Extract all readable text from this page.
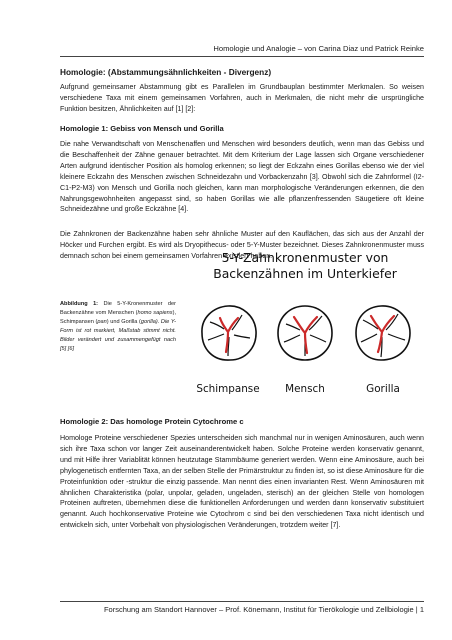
Homologie und Analogie – von Carina Diaz und Patrick Reinke
Homologie: (Abstammungsähnlichkeiten - Divergenz)

Aufgrund gemeinsamer Abstammung gibt es Parallelen im Grundbauplan bestimmter Merkmalen. So weisen verschiedene Taxa mit einem gemeinsamen Vorfahren, auch in Merkmalen, die nicht mehr die ursprüngliche Funktion besitzen, Ähnlichkeiten auf [1] [2]:

Homologie 1: Gebiss von Mensch und Gorilla

Die nahe Verwandtschaft von Menschenaffen und Menschen wird besonders deutlich, wenn man das Gebiss und die Beschaffenheit der Zähne genauer betrachtet. Mit dem Kriterium der Lage lassen sich Organe verschiedener Arten aufgrund identischer Position als homolog erkennen; so liegt der Eckzahn eines Gorillas ebenso wie der viel kleinere Eckzahn des Menschen zwischen Schneidezahn und Vorbackenzahn [3]. Obwohl sich die Zahnformel (I2-C1-P2-M3) von Mensch und Gorilla noch gleichen, kann man morphologische Veränderungen erkennen, die den Nahrungsgewohnheiten angepasst sind, so haben Gorillas wie alle pflanzenfressenden Säugetiere oft kleine Schneidezähne und große Eckzähne [4].

Die Zahnkronen der Backenzähne haben sehr ähnliche Muster auf den Kauflächen, das sich aus der Anzahl der Höcker und Furchen ergibt. Es wird als Dryopithecus- oder 5-Y-Muster bezeichnet. Dieses Zahnkronenmuster muss demnach schon bei einem gemeinsamen Vorfahren existiert haben.

Abbildung 1: Die 5-Y-Kronenmuster der Backenzähne vom Menschen (homo sapiens), Schimpansen (pan) und Gorilla (gorilla). Die Y-Form ist rot markiert, Maßstab stimmt nicht. Bilder verändert und zusammengefügt nach [5] [6]
5-Y-Zahnkronenmuster von
Backenzähnen im Unterkiefer
Schimpanse	Mensch	Gorilla
Homologie 2: Das homologe Protein Cytochrome c

Homologe Proteine verschiedener Spezies unterscheiden sich manchmal nur in wenigen Aminosäuren, auch wenn sich ihre Taxa schon vor langer Zeit auseinanderentwickelt haben. Solche Proteine werden konservativ genannt, und mit Hilfe ihrer Variablität können heutzutage Stammbäume generiert werden. Wenn eine Aminosäure, auch bei phylogenetisch entfernten Taxa, an der selben Stelle der Primärstruktur zu finden ist, so ist diese Aminosäure für die Proteinfunktion oder -struktur die einzig passende. Man nennt dies einen invarianten Rest. Wenn Aminosäuren mit ähnlichen Charakteristika (polar, unpolar, geladen, ungeladen, sterisch) an der gleichen Stelle von homologen Proteinen auftreten, übernehmen diese die funktionellen Anforderungen und werden dann konservativ substituiert genannt. Auch hochkonservative Proteine wie Cytochrom c sind bei den verschiedenen Taxa nicht identisch und entwickeln sich, unter Vorbehalt von physiologischen Veränderungen, trotzdem weiter [7].

Forschung am Standort Hannover – Prof. Könemann, Institut für Tierökologie und Zellbiologie | 1
